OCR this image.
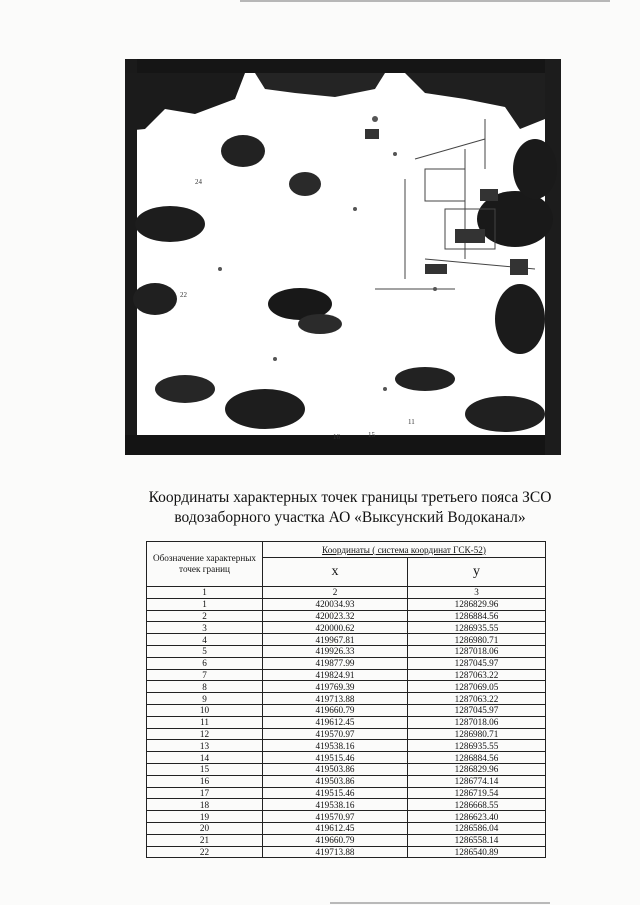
16	15
11
22
24
Координаты характерных точек границы третьего пояса ЗСО
водозаборного участка АО «Выксунский Водоканал»
Обозначение характерных точек границ	Координаты ( система координат ГСК-52)	
	х	у
1	2	3
1	420034.93	1286829.96
2	420023.32	1286884.56
3	420000.62	1286935.55
4	419967.81	1286980.71
5	419926.33	1287018.06
6	419877.99	1287045.97
7	419824.91	1287063.22
8	419769.39	1287069.05
9	419713.88	1287063.22
10	419660.79	1287045.97
11	419612.45	1287018.06
12	419570.97	1286980.71
13	419538.16	1286935.55
14	419515.46	1286884.56
15	419503.86	1286829.96
16	419503.86	1286774.14
17	419515.46	1286719.54
18	419538.16	1286668.55
19	419570.97	1286623.40
20	419612.45	1286586.04
21	419660.79	1286558.14
22	419713.88	1286540.89
